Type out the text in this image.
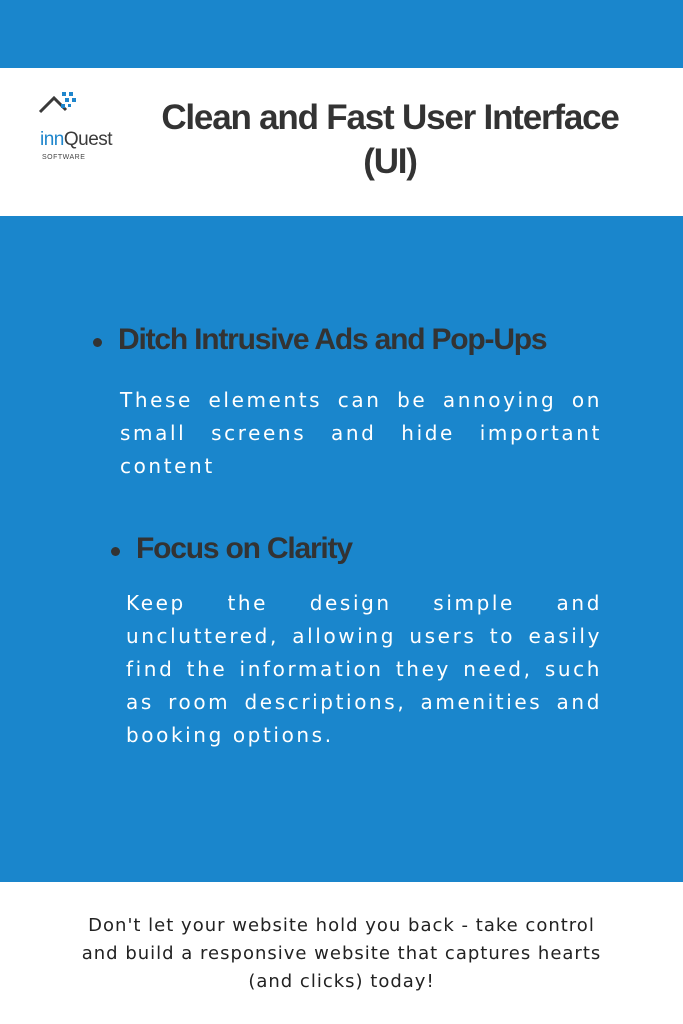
innQuest
SOFTWARE
Clean and Fast User Interface (UI)
Ditch Intrusive Ads and Pop-Ups
These elements can be annoying on small screens and hide important content
Focus on Clarity
Keep the design simple and uncluttered, allowing users to easily find the information they need, such as room descriptions, amenities and booking options.
Don't let your website hold you back - take control and build a responsive website that captures hearts (and clicks) today!
